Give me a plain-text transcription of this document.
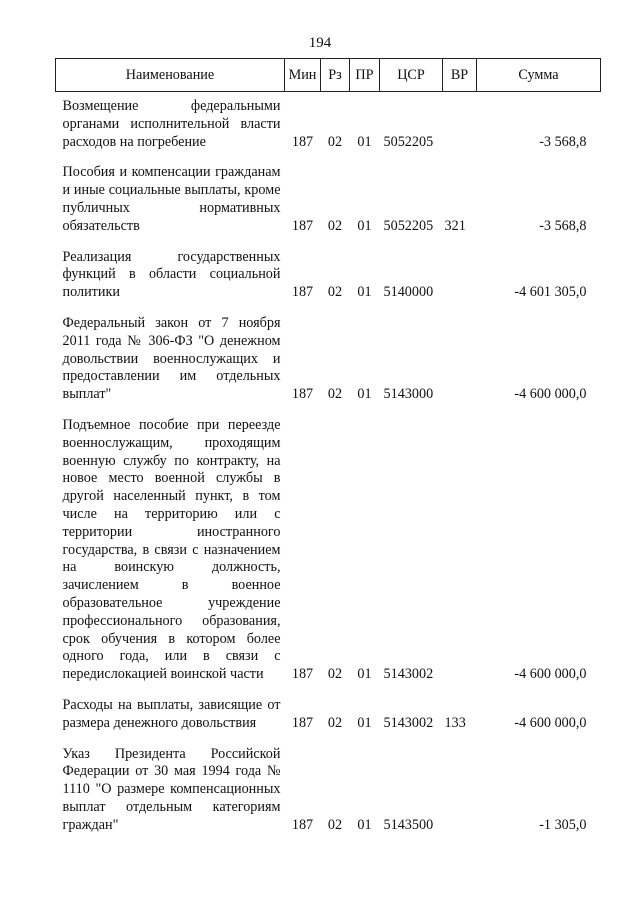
194
Наименование	Мин	Рз	ПР	ЦСР	ВР	Сумма
Возмещение федеральными органами исполнительной власти расходов на погребение	187	02	01	5052205		-3 568,8
Пособия и компенсации гражданам и иные социальные выплаты, кроме публичных нормативных обязательств	187	02	01	5052205	321	-3 568,8
Реализация государственных функций в области социальной политики	187	02	01	5140000		-4 601 305,0
Федеральный закон от 7 ноября 2011 года № 306-ФЗ "О денежном довольствии военнослужащих и предоставлении им отдельных выплат"	187	02	01	5143000		-4 600 000,0
Подъемное пособие при переезде военнослужащим, проходящим военную службу по контракту, на новое место военной службы в другой населенный пункт, в том числе на территорию или с территории иностранного государства, в связи с назначением на воинскую должность, зачислением в военное образовательное учреждение профессионального образования, срок обучения в котором более одного года, или в связи с передислокацией воинской части	187	02	01	5143002		-4 600 000,0
Расходы на выплаты, зависящие от размера денежного довольствия	187	02	01	5143002	133	-4 600 000,0
Указ Президента Российской Федерации от 30 мая 1994 года № 1110 "О размере компенсационных выплат отдельным категориям граждан"	187	02	01	5143500		-1 305,0
